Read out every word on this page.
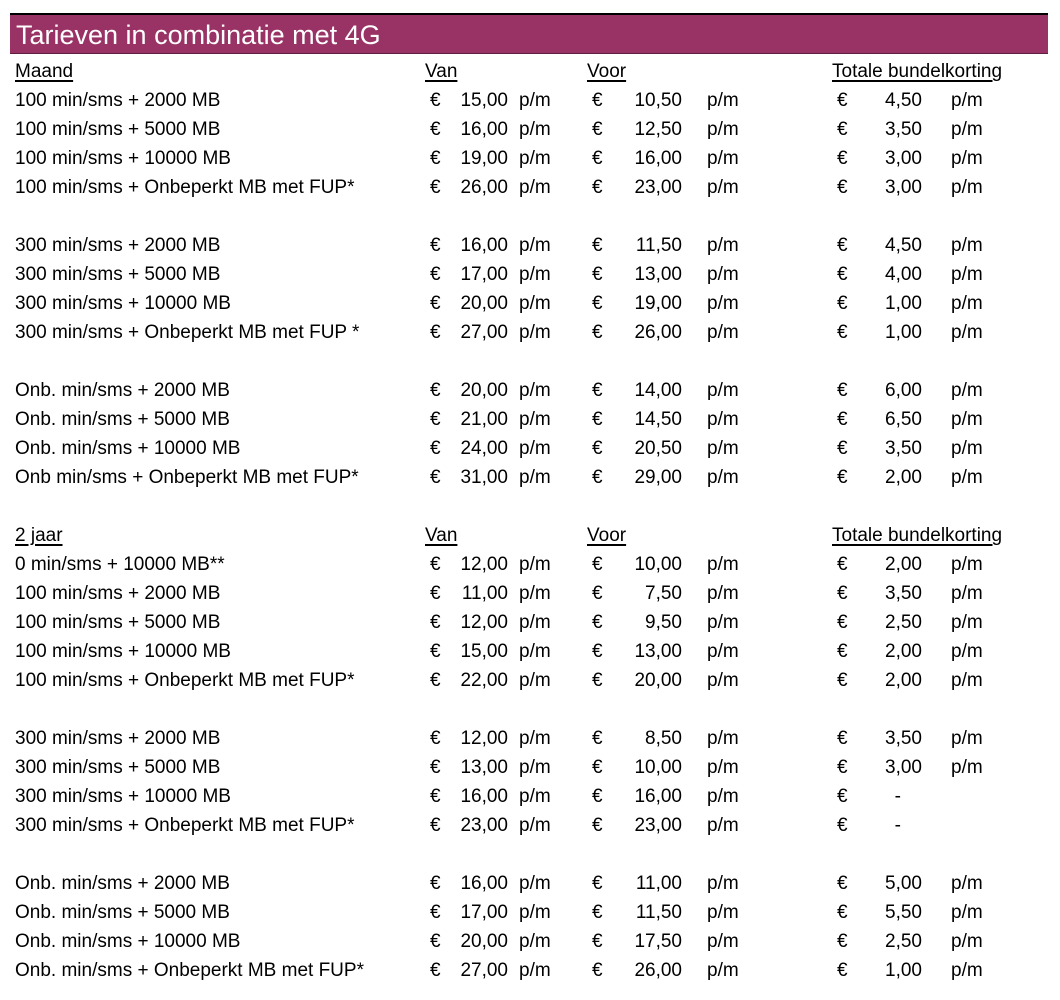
Tarieven in combinatie met 4G
Maand	Van	Voor	Totale bundelkorting
100 min/sms + 2000 MB	€	15,00 p/m €	10,50 p/m	€	4,50 p/m
100 min/sms + 5000 MB	€	16,00 p/m €	12,50 p/m	€	3,50 p/m
100 min/sms + 10000 MB	€	19,00 p/m €	16,00 p/m	€	3,00 p/m
100 min/sms + Onbeperkt MB met FUP*	€	26,00 p/m €	23,00 p/m	€	3,00 p/m
300 min/sms + 2000 MB	€	16,00 p/m €	11,50 p/m	€	4,50 p/m
300 min/sms + 5000 MB	€	17,00 p/m €	13,00 p/m	€	4,00 p/m
300 min/sms + 10000 MB	€	20,00 p/m €	19,00 p/m	€	1,00 p/m
300 min/sms + Onbeperkt MB met FUP *	€	27,00 p/m €	26,00 p/m	€	1,00 p/m
Onb. min/sms + 2000 MB	€	20,00 p/m €	14,00 p/m	€	6,00 p/m
Onb. min/sms + 5000 MB	€	21,00 p/m €	14,50 p/m	€	6,50 p/m
Onb. min/sms + 10000 MB	€	24,00 p/m €	20,50 p/m	€	3,50 p/m
Onb min/sms + Onbeperkt MB met FUP*	€	31,00 p/m €	29,00 p/m	€	2,00 p/m
2 jaar	Van	Voor	Totale bundelkorting
0 min/sms + 10000 MB**	€	12,00 p/m €	10,00 p/m	€	2,00 p/m
100 min/sms + 2000 MB	€	11,00 p/m €	7,50 p/m	€	3,50 p/m
100 min/sms + 5000 MB	€	12,00 p/m €	9,50 p/m	€	2,50 p/m
100 min/sms + 10000 MB	€	15,00 p/m €	13,00 p/m	€	2,00 p/m
100 min/sms + Onbeperkt MB met FUP*	€	22,00 p/m €	20,00 p/m	€	2,00 p/m
300 min/sms + 2000 MB	€	12,00 p/m €	8,50 p/m	€	3,50 p/m
300 min/sms + 5000 MB	€	13,00 p/m €	10,00 p/m	€	3,00 p/m
300 min/sms + 10000 MB	€	16,00 p/m €	16,00 p/m	€	-
300 min/sms + Onbeperkt MB met FUP*	€	23,00 p/m €	23,00 p/m	€	-
Onb. min/sms + 2000 MB	€	16,00 p/m €	11,00 p/m	€	5,00 p/m
Onb. min/sms + 5000 MB	€	17,00 p/m €	11,50 p/m	€	5,50 p/m
Onb. min/sms + 10000 MB	€	20,00 p/m €	17,50 p/m	€	2,50 p/m
Onb. min/sms + Onbeperkt MB met FUP*	€	27,00 p/m €	26,00 p/m	€	1,00 p/m
